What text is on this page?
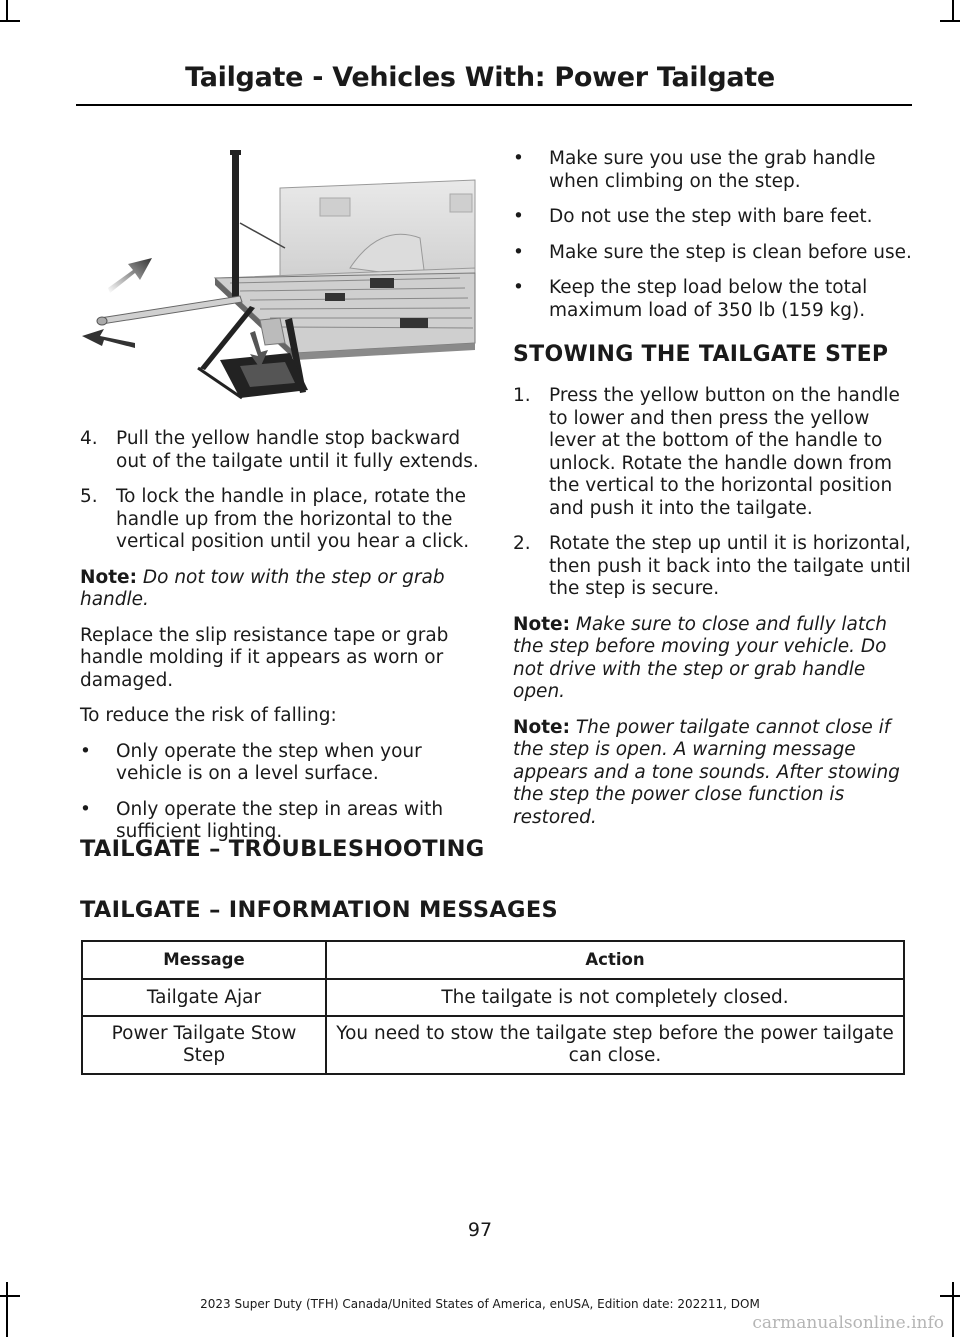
Tailgate - Vehicles With: Power Tailgate
4. Pull the yellow handle stop backward out of the tailgate until it fully extends.
5. To lock the handle in place, rotate the handle up from the horizontal to the vertical position until you hear a click.

Note: Do not tow with the step or grab handle.

Replace the slip resistance tape or grab handle molding if it appears as worn or damaged.

To reduce the risk of falling:

• Only operate the step when your vehicle is on a level surface.
• Only operate the step in areas with sufficient lighting.
• Make sure you use the grab handle when climbing on the step.
• Do not use the step with bare feet.
• Make sure the step is clean before use.
• Keep the step load below the total maximum load of 350 lb (159 kg).
STOWING THE TAILGATE STEP
1. Press the yellow button on the handle to lower and then press the yellow lever at the bottom of the handle to unlock. Rotate the handle down from the vertical to the horizontal position and push it into the tailgate.
2. Rotate the step up until it is horizontal, then push it back into the tailgate until the step is secure.

Note: Make sure to close and fully latch the step before moving your vehicle. Do not drive with the step or grab handle open.

Note: The power tailgate cannot close if the step is open. A warning message appears and a tone sounds. After stowing the step the power close function is restored.

TAILGATE – TROUBLESHOOTING
TAILGATE – INFORMATION MESSAGES
Message	Action
Tailgate Ajar	The tailgate is not completely closed.
Power Tailgate Stow Step	You need to stow the tailgate step before the power tailgate can close.
97
2023 Super Duty (TFH) Canada/United States of America, enUSA, Edition date: 202211, DOM
carmanualsonline.info
